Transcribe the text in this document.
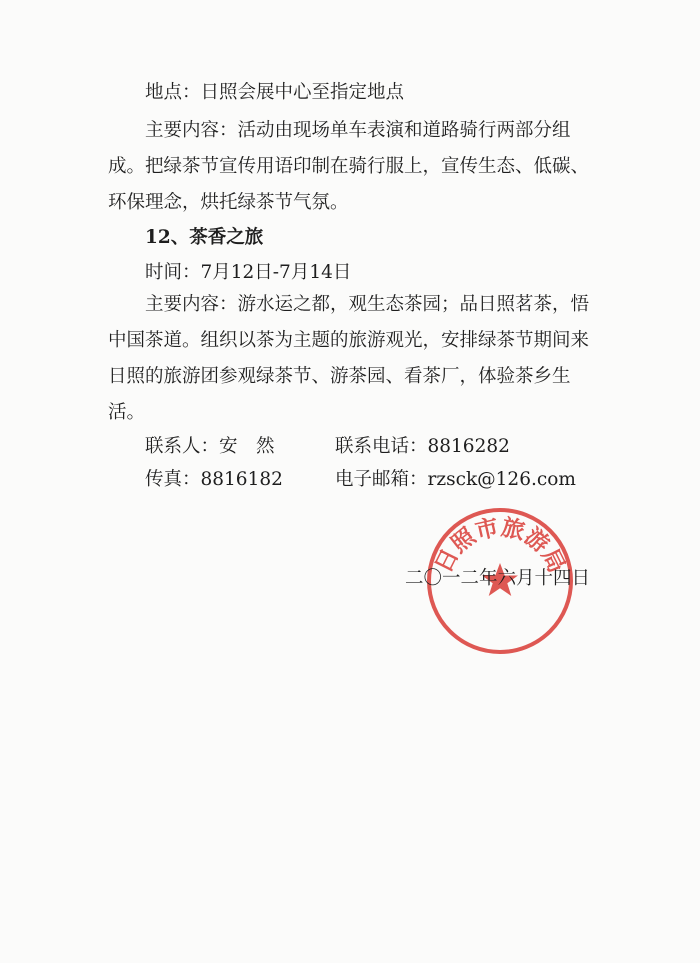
地点：日照会展中心至指定地点

主要内容：活动由现场单车表演和道路骑行两部分组成。把绿茶节宣传用语印制在骑行服上，宣传生态、低碳、环保理念，烘托绿茶节气氛。

12、茶香之旅
时间：7月12日-7月14日

主要内容：游水运之都，观生态茶园；品日照茗茶，悟中国茶道。组织以茶为主题的旅游观光，安排绿茶节期间来日照的旅游团参观绿茶节、游茶园、看茶厂，体验茶乡生活。

联系人：安　然	联系电话：8816282
传真：8816182	电子邮箱：rzsck@126.com
日照市旅游局
二〇一二年六月十四日
